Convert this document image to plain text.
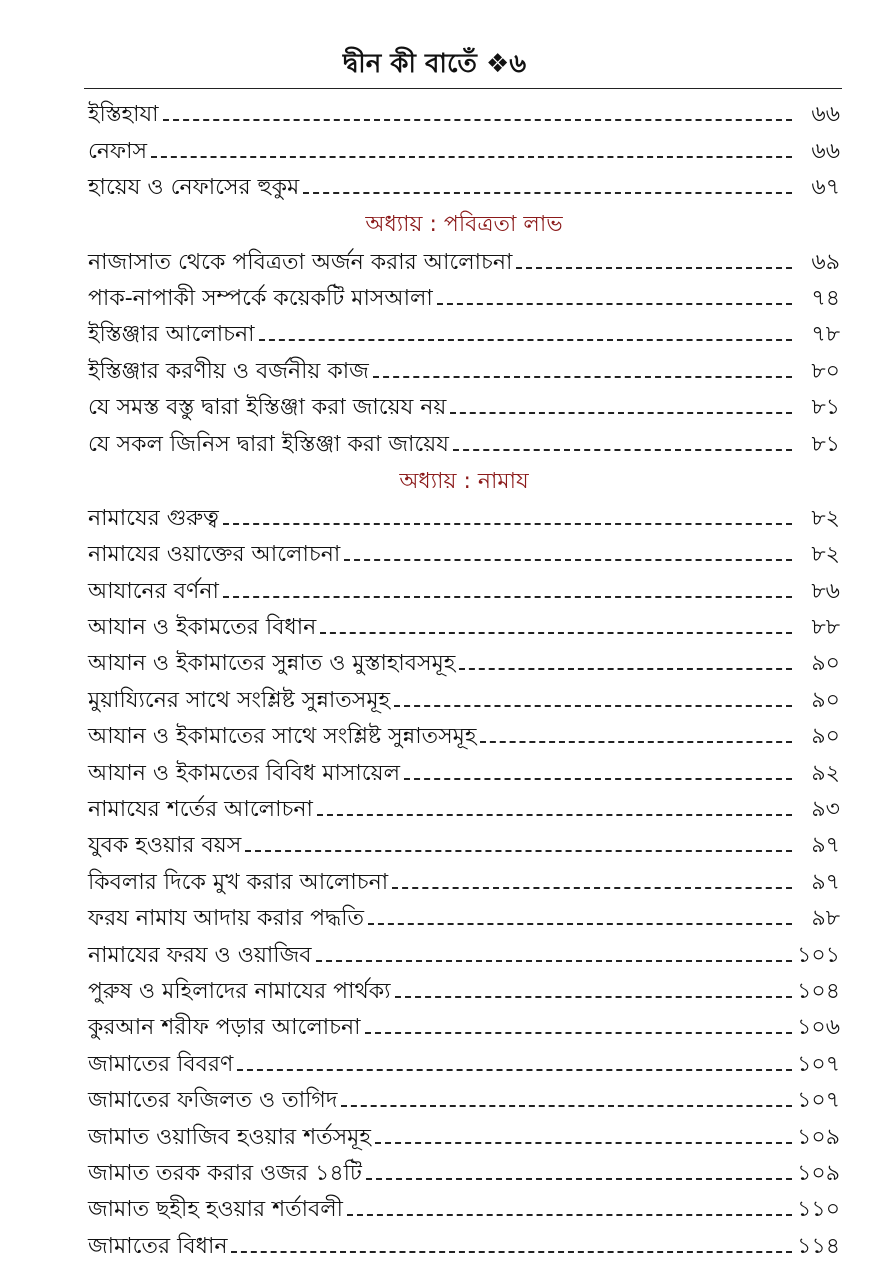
দ্বীন কী বাতেঁ ❖৬
ইস্তিহাযা	৬৬
নেফাস	৬৬
হায়েয ও নেফাসের হুকুম	৬৭
অধ্যায় : পবিত্রতা লাভ
নাজাসাত থেকে পবিত্রতা অর্জন করার আলোচনা	৬৯
পাক-নাপাকী সম্পর্কে কয়েকটি মাসআলা	৭৪
ইস্তিঞ্জার আলোচনা	৭৮
ইস্তিঞ্জার করণীয় ও বর্জনীয় কাজ	৮০
যে সমস্ত বস্তু দ্বারা ইস্তিঞ্জা করা জায়েয নয়	৮১
যে সকল জিনিস দ্বারা ইস্তিঞ্জা করা জায়েয	৮১
অধ্যায় : নামায
নামাযের গুরুত্ব	৮২
নামাযের ওয়াক্তের আলোচনা	৮২
আযানের বর্ণনা	৮৬
আযান ও ইকামতের বিধান	৮৮
আযান ও ইকামাতের সুন্নাত ও মুস্তাহাবসমূহ	৯০
মুয়ায্যিনের সাথে সংশ্লিষ্ট সুন্নাতসমূহ	৯০
আযান ও ইকামাতের সাথে সংশ্লিষ্ট সুন্নাতসমূহ	৯০
আযান ও ইকামতের বিবিধ মাসায়েল	৯২
নামাযের শর্তের আলোচনা	৯৩
যুবক হওয়ার বয়স	৯৭
কিবলার দিকে মুখ করার আলোচনা	৯৭
ফরয নামায আদায় করার পদ্ধতি	৯৮
নামাযের ফরয ও ওয়াজিব	১০১
পুরুষ ও মহিলাদের নামাযের পার্থক্য	১০৪
কুরআন শরীফ পড়ার আলোচনা	১০৬
জামাতের বিবরণ	১০৭
জামাতের ফজিলত ও তাগিদ	১০৭
জামাত ওয়াজিব হওয়ার শর্তসমূহ	১০৯
জামাত তরক করার ওজর ১৪টি	১০৯
জামাত ছহীহ হওয়ার শর্তাবলী	১১০
জামাতের বিধান	১১৪
